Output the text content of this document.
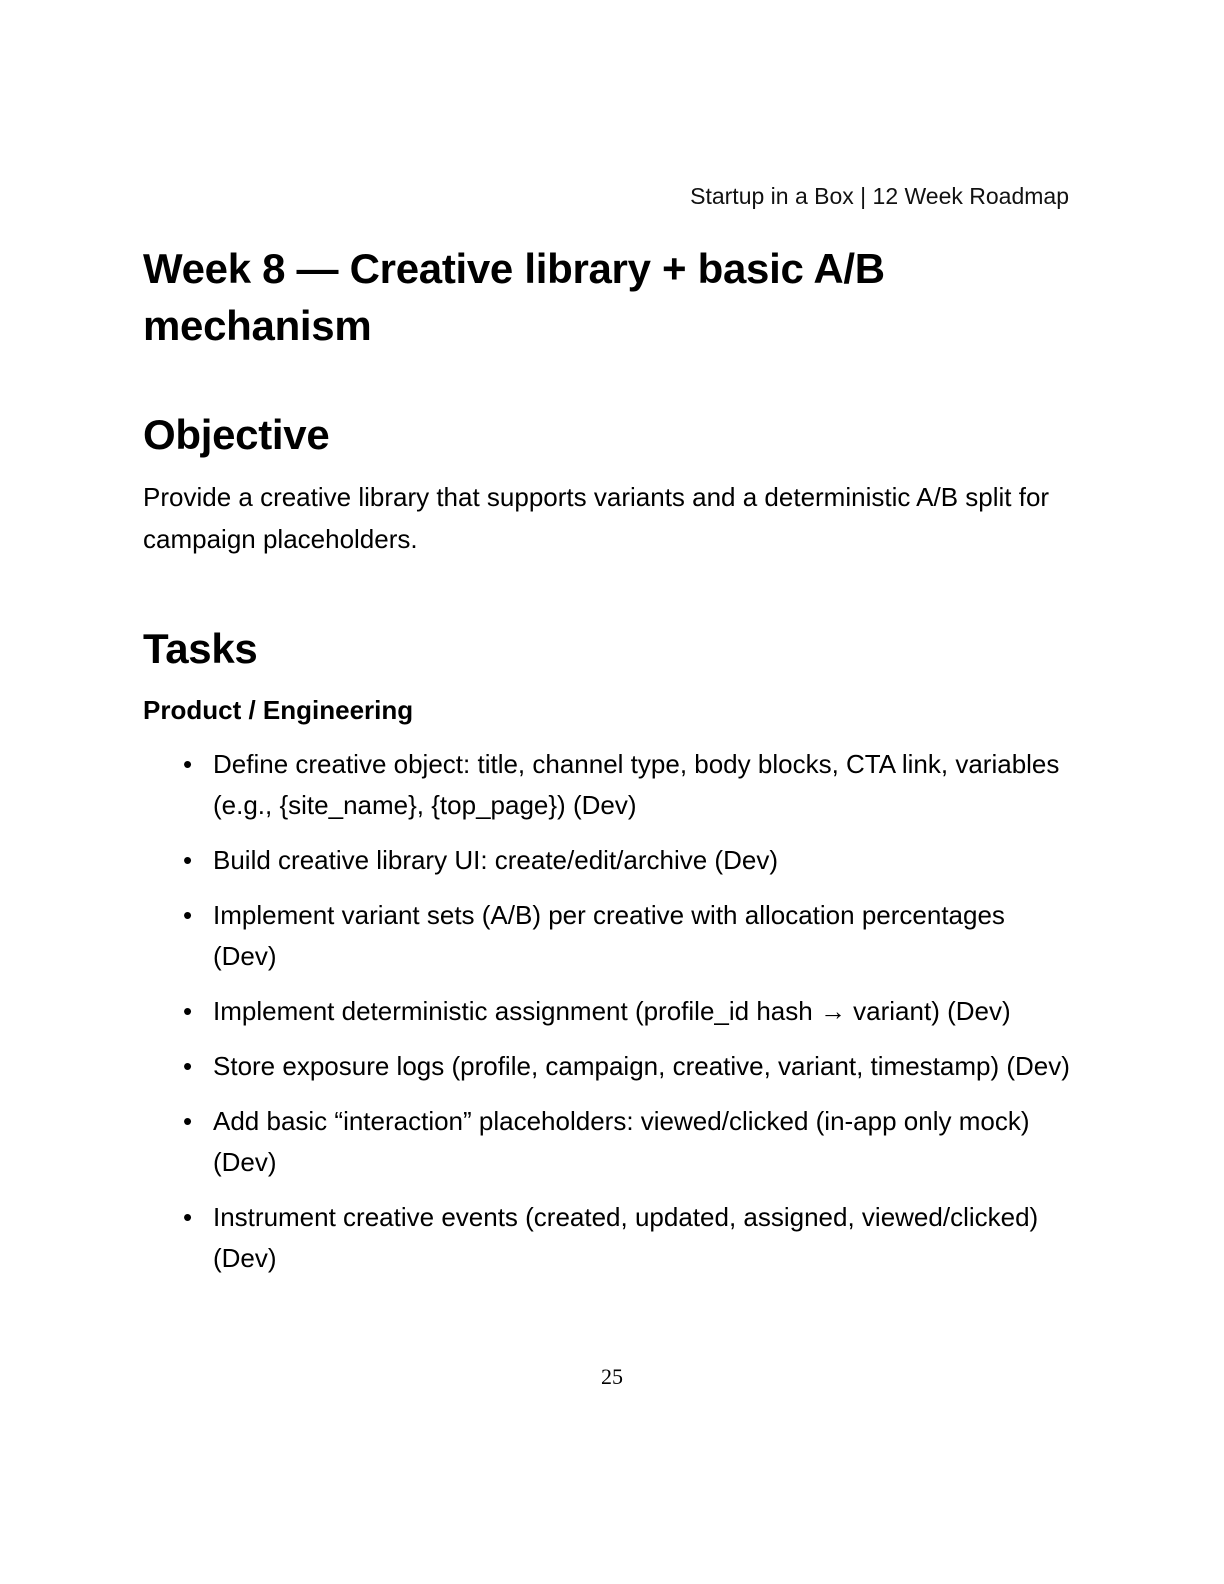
Startup in a Box | 12 Week Roadmap
Week 8 — Creative library + basic A/B mechanism
Objective

Provide a creative library that supports variants and a deterministic A/B split for campaign placeholders.

Tasks
Product / Engineering
• Define creative object: title, channel type, body blocks, CTA link, variables (e.g., {site_name}, {top_page}) (Dev)
• Build creative library UI: create/edit/archive (Dev)
• Implement variant sets (A/B) per creative with allocation percentages (Dev)
• Implement deterministic assignment (profile_id hash → variant) (Dev)
• Store exposure logs (profile, campaign, creative, variant, timestamp) (Dev)
• Add basic “interaction” placeholders: viewed/clicked (in-app only mock) (Dev)
• Instrument creative events (created, updated, assigned, viewed/clicked) (Dev)
25
